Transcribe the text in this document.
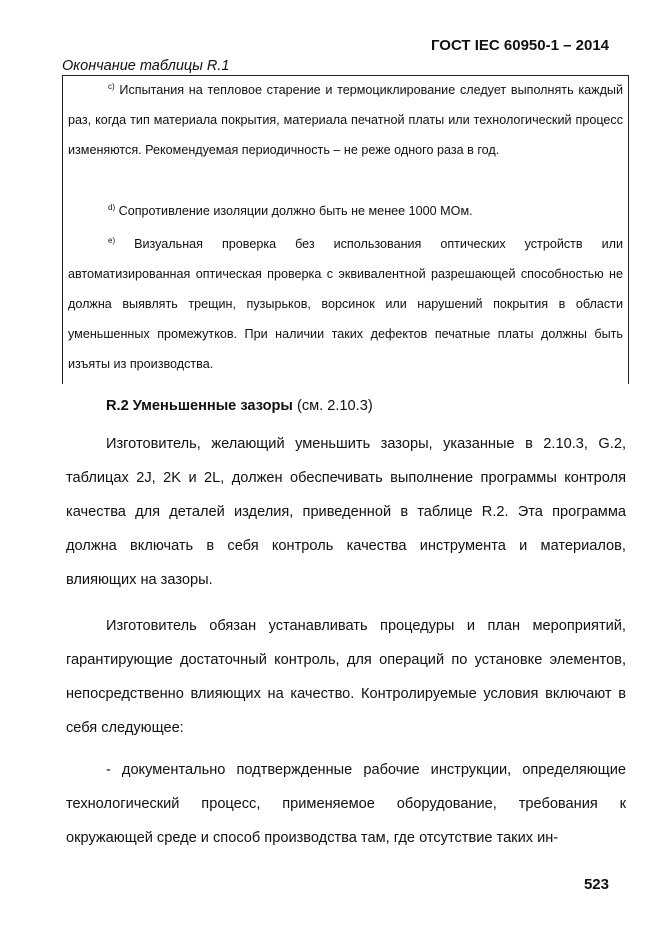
ГОСТ IEC 60950-1 – 2014
Окончание таблицы R.1
$^{c)}$ Испытания на тепловое старение и термоциклирование следует выполнять каждый раз, когда тип материала покрытия, материала печатной платы или технологический процесс изменяются. Рекомендуемая периодичность – не реже одного раза в год.
$^{d)}$ Сопротивление изоляции должно быть не менее 1000 МОм.
$^{e)}$ Визуальная проверка без использования оптических устройств или автоматизированная оптическая проверка с эквивалентной разрешающей способностью не должна выявлять трещин, пузырьков, ворсинок или нарушений покрытия в области уменьшенных промежутков. При наличии таких дефектов печатные платы должны быть изъяты из производства.
R.2 Уменьшенные зазоры (см. 2.10.3)

Изготовитель, желающий уменьшить зазоры, указанные в 2.10.3, G.2, таблицах 2J, 2K и 2L, должен обеспечивать выполнение программы контроля качества для деталей изделия, приведенной в таблице R.2. Эта программа должна включать в себя контроль качества инструмента и материалов, влияющих на зазоры.

Изготовитель обязан устанавливать процедуры и план мероприятий, гарантирующие достаточный контроль, для операций по установке элементов, непосредственно влияющих на качество. Контролируемые условия включают в себя следующее:

- документально подтвержденные рабочие инструкции, определяющие технологический процесс, применяемое оборудование, требования к окружающей среде и способ производства там, где отсутствие таких ин-

523
